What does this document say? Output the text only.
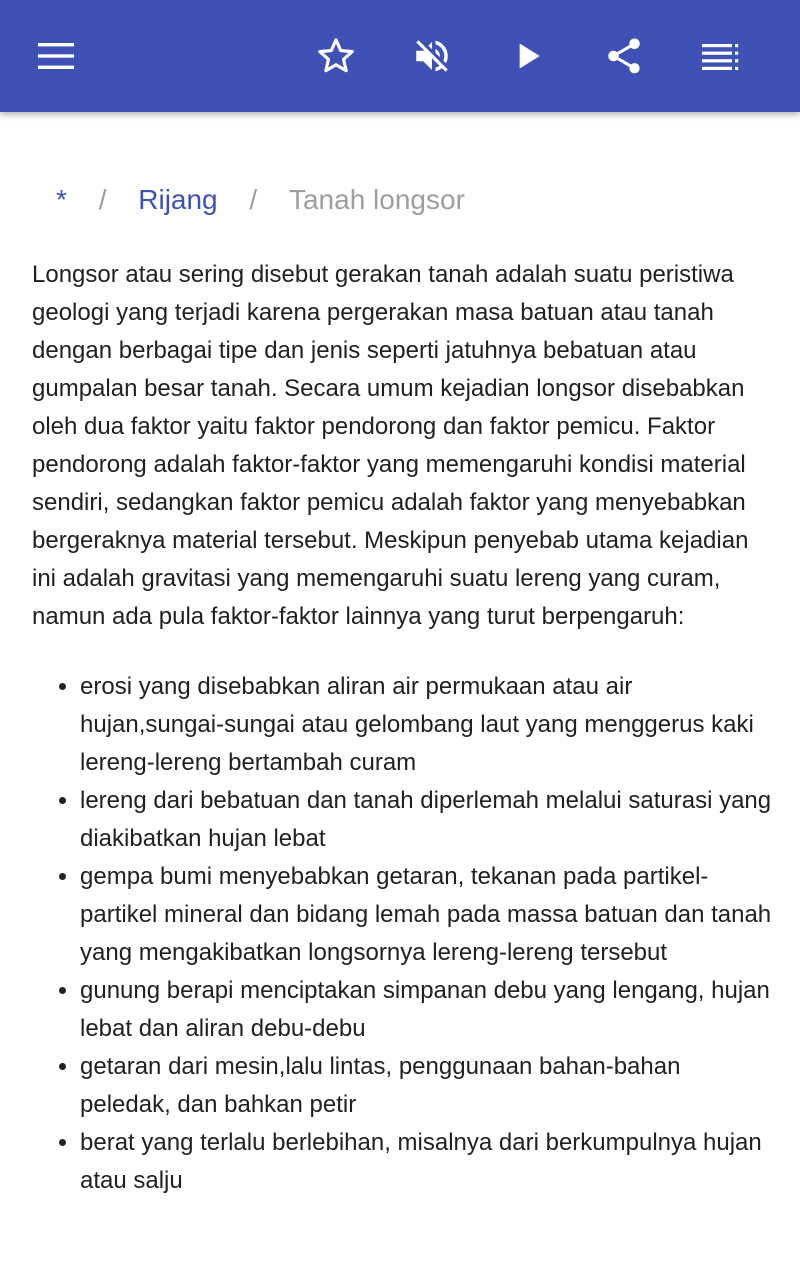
* / Rijang / Tanah longsor

Longsor atau sering disebut gerakan tanah adalah suatu peristiwa geologi yang terjadi karena pergerakan masa batuan atau tanah dengan berbagai tipe dan jenis seperti jatuhnya bebatuan atau gumpalan besar tanah. Secara umum kejadian longsor disebabkan oleh dua faktor yaitu faktor pendorong dan faktor pemicu. Faktor pendorong adalah faktor-faktor yang memengaruhi kondisi material sendiri, sedangkan faktor pemicu adalah faktor yang menyebabkan bergeraknya material tersebut. Meskipun penyebab utama kejadian ini adalah gravitasi yang memengaruhi suatu lereng yang curam, namun ada pula faktor-faktor lainnya yang turut berpengaruh:

• erosi yang disebabkan aliran air permukaan atau air hujan,sungai-sungai atau gelombang laut yang menggerus kaki lereng-lereng bertambah curam
• lereng dari bebatuan dan tanah diperlemah melalui saturasi yang diakibatkan hujan lebat
• gempa bumi menyebabkan getaran, tekanan pada partikel-partikel mineral dan bidang lemah pada massa batuan dan tanah yang mengakibatkan longsornya lereng-lereng tersebut
• gunung berapi menciptakan simpanan debu yang lengang, hujan lebat dan aliran debu-debu
• getaran dari mesin,lalu lintas, penggunaan bahan-bahan peledak, dan bahkan petir
• berat yang terlalu berlebihan, misalnya dari berkumpulnya hujan atau salju
